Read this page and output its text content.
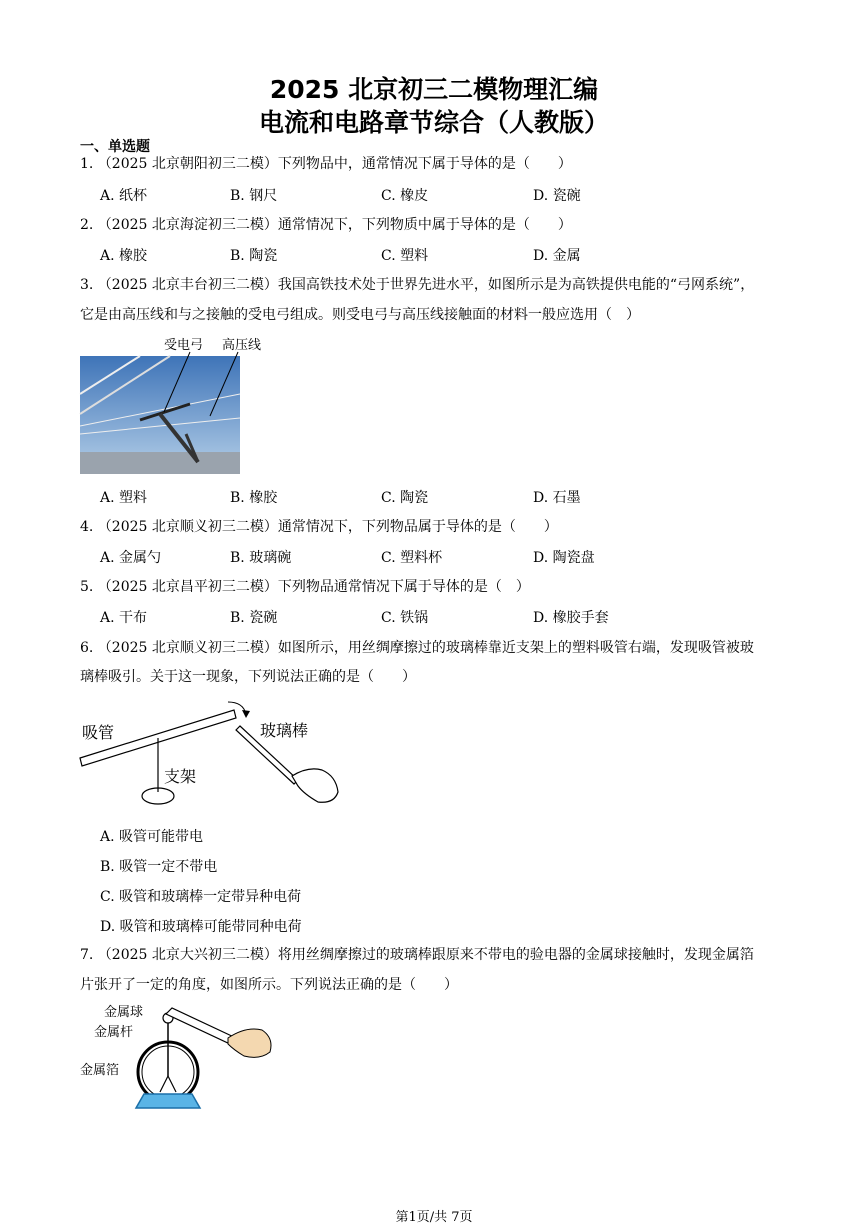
2025 北京初三二模物理汇编
电流和电路章节综合（人教版）
一、单选题
1. （2025 北京朝阳初三二模）下列物品中，通常情况下属于导体的是（　　）
A. 纸杯	B. 钢尺	C. 橡皮	D. 瓷碗
2. （2025 北京海淀初三二模）通常情况下，下列物质中属于导体的是（　　）
A. 橡胶	B. 陶瓷	C. 塑料	D. 金属
3. （2025 北京丰台初三二模）我国高铁技术处于世界先进水平，如图所示是为高铁提供电能的“弓网系统”，
它是由高压线和与之接触的受电弓组成。则受电弓与高压线接触面的材料一般应选用（　）
受电弓 高压线
A. 塑料	B. 橡胶	C. 陶瓷	D. 石墨
4. （2025 北京顺义初三二模）通常情况下，下列物品属于导体的是（　　）
A. 金属勺	B. 玻璃碗	C. 塑料杯	D. 陶瓷盘
5. （2025 北京昌平初三二模）下列物品通常情况下属于导体的是（　）
A. 干布	B. 瓷碗	C. 铁锅	D. 橡胶手套
6. （2025 北京顺义初三二模）如图所示，用丝绸摩擦过的玻璃棒靠近支架上的塑料吸管右端，发现吸管被玻
璃棒吸引。关于这一现象，下列说法正确的是（　　）
吸管	玻璃棒
支架
A. 吸管可能带电
B. 吸管一定不带电
C. 吸管和玻璃棒一定带异种电荷
D. 吸管和玻璃棒可能带同种电荷
7. （2025 北京大兴初三二模）将用丝绸摩擦过的玻璃棒跟原来不带电的验电器的金属球接触时，发现金属箔
片张开了一定的角度，如图所示。下列说法正确的是（　　）
金属球
金属杆
金属箔
第1页/共 7页
